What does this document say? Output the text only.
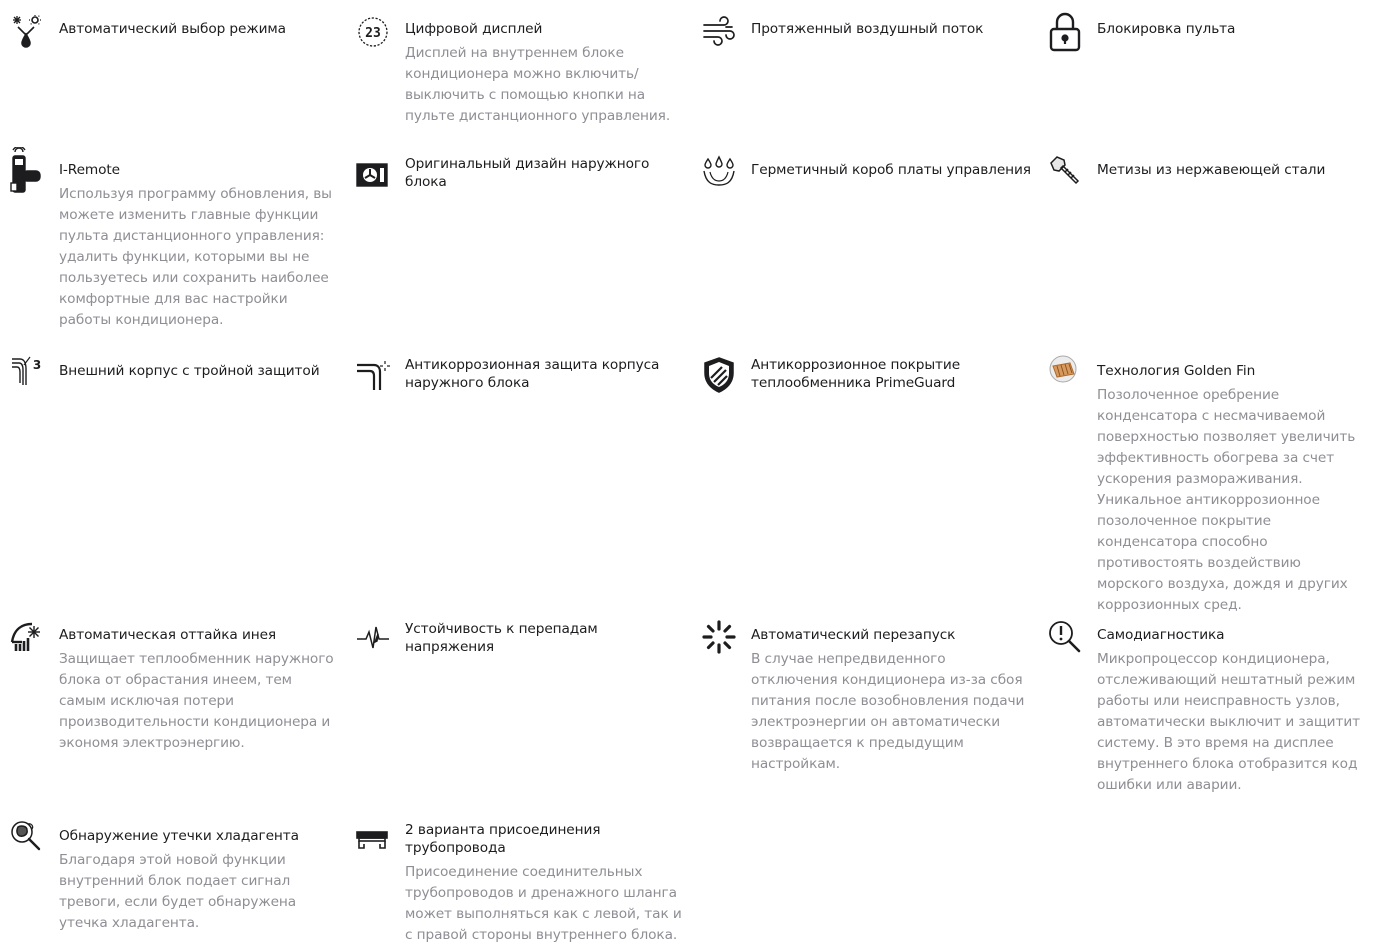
Автоматический выбор режима	23 Цифровой дисплей

Дисплей на внутреннем блоке кондиционера можно включить/ выключить с помощью кнопки на пульте дистанционного управления.

Протяженный воздушный поток	Блокировка пульта

I-Remote

Используя программу обновления, вы можете изменить главные функции пульта дистанционного управления: удалить функции, которыми вы не пользуетесь или сохранить наиболее комфортные для вас настройки работы кондиционера.

Оригинальный дизайн наружного блока

Герметичный короб платы управления	Метизы из нержавеющей стали

3 Внешний корпус с тройной защитой	Антикоррозионная защита корпуса наружного блока

Антикоррозионное покрытие теплообменника PrimeGuard

Технология Golden Fin

Позолоченное оребрение конденсатора с несмачиваемой поверхностью позволяет увеличить эффективность обогрева за счет ускорения размораживания. Уникальное антикоррозионное позолоченное покрытие конденсатора способно противостоять воздействию морского воздуха, дождя и других коррозионных сред.

Автоматическая оттайка инея

Защищает теплообменник наружного блока от обрастания инеем, тем самым исключая потери производительности кондиционера и экономя электроэнергию.

Устойчивость к перепадам напряжения

Автоматический перезапуск

В случае непредвиденного отключения кондиционера из-за сбоя питания после возобновления подачи электроэнергии он автоматически возвращается к предыдущим настройкам.

Самодиагностика

Микропроцессор кондиционера, отслеживающий нештатный режим работы или неисправность узлов, автоматически выключит и защитит систему. В это время на дисплее внутреннего блока отобразится код ошибки или аварии.

Обнаружение утечки хладагента

Благодаря этой новой функции внутренний блок подает сигнал тревоги, если будет обнаружена утечка хладагента.

2 варианта присоединения трубопровода

Присоединение соединительных трубопроводов и дренажного шланга может выполняться как с левой, так и с правой стороны внутреннего блока.
